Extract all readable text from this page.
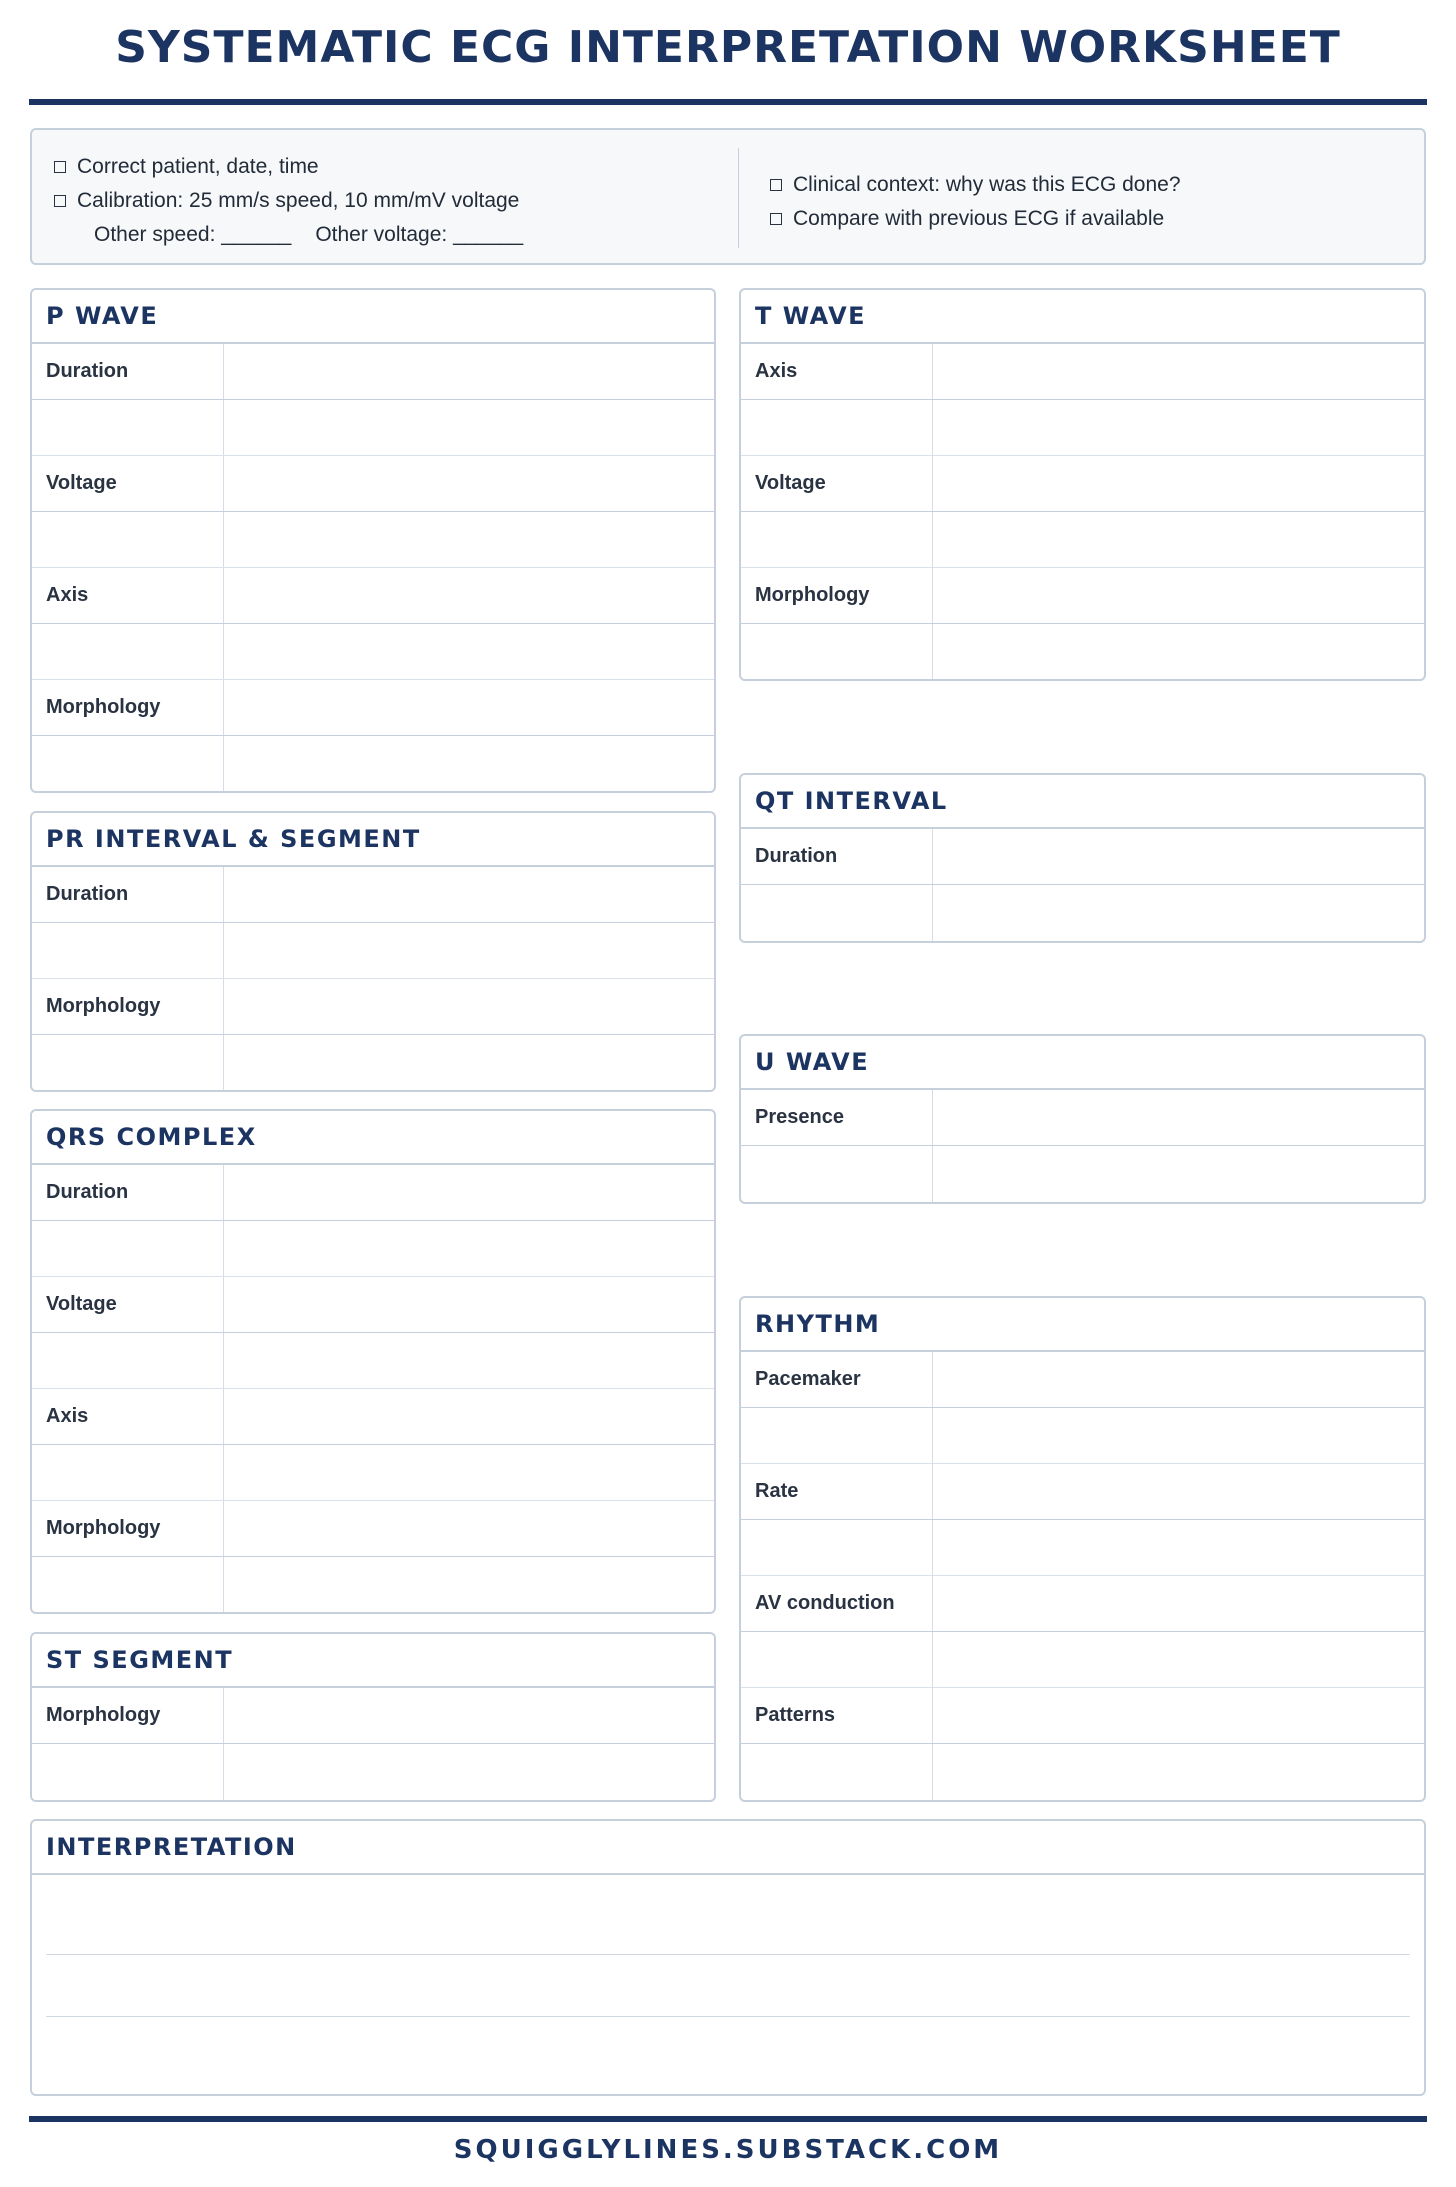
SYSTEMATIC ECG INTERPRETATION WORKSHEET
Correct patient, date, time
Calibration: 25 mm/s speed, 10 mm/mV voltage
Other speed: ______ Other voltage: ______
Clinical context: why was this ECG done?
Compare with previous ECG if available
P WAVE
Duration
Voltage
Axis
Morphology
PR INTERVAL & SEGMENT
Duration
Morphology
QRS COMPLEX
Duration
Voltage
Axis
Morphology
ST SEGMENT
Morphology
T WAVE
Axis
Voltage
Morphology
QT INTERVAL
Duration
U WAVE
Presence
RHYTHM
Pacemaker
Rate
AV conduction
Patterns
INTERPRETATION
SQUIGGLYLINES.SUBSTACK.COM
